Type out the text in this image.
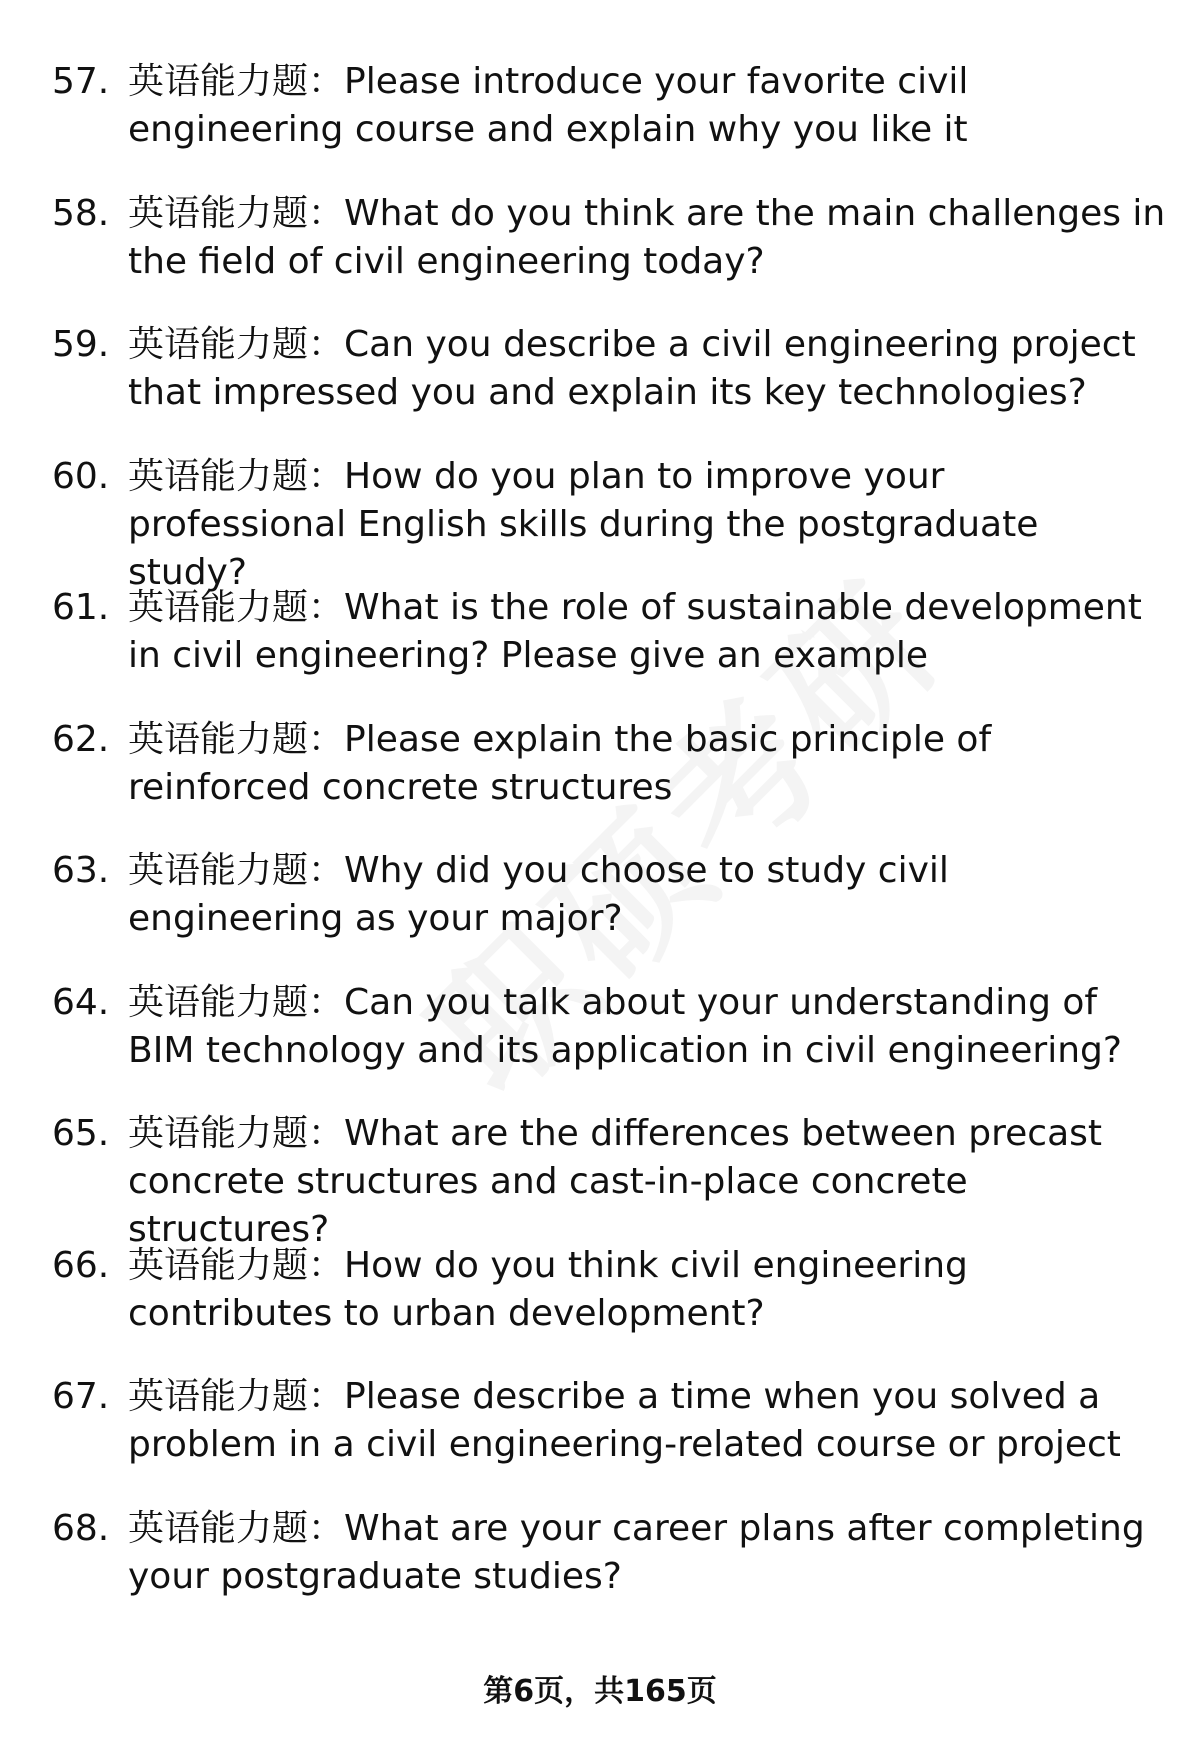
57. 英语能力题：Please introduce your favorite civil engineering course and explain why you like it
58. 英语能力题：What do you think are the main challenges in the field of civil engineering today?
59. 英语能力题：Can you describe a civil engineering project that impressed you and explain its key technologies?
60. 英语能力题：How do you plan to improve your professional English skills during the postgraduate study?
61. 英语能力题：What is the role of sustainable development in civil engineering? Please give an example
62. 英语能力题：Please explain the basic principle of reinforced concrete structures
63. 英语能力题：Why did you choose to study civil engineering as your major?
64. 英语能力题：Can you talk about your understanding of BIM technology and its application in civil engineering?
65. 英语能力题：What are the differences between precast concrete structures and cast-in-place concrete structures?
66. 英语能力题：How do you think civil engineering contributes to urban development?
67. 英语能力题：Please describe a time when you solved a problem in a civil engineering-related course or project
68. 英语能力题：What are your career plans after completing your postgraduate studies?
第6页，共165页
